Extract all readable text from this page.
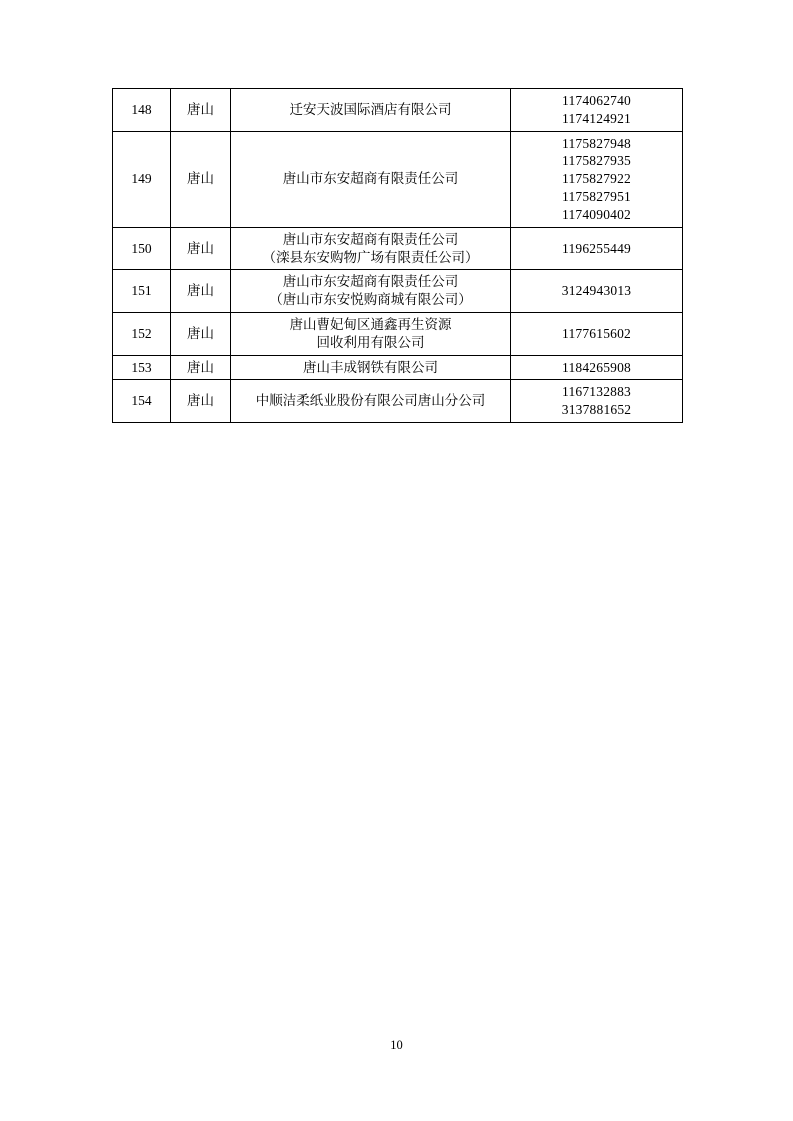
148	唐山	迁安天波国际酒店有限公司	1174062740
1174124921

149	唐山	唐山市东安超商有限责任公司	1175827948
1175827935
1175827922
1175827951
1174090402

150	唐山	唐山市东安超商有限责任公司
（滦县东安购物广场有限责任公司）	1196255449

151	唐山	唐山市东安超商有限责任公司
（唐山市东安悦购商城有限公司）	3124943013

152	唐山	唐山曹妃甸区通鑫再生资源
回收利用有限公司	1177615602

153	唐山	唐山丰成钢铁有限公司	1184265908

154	唐山	中顺洁柔纸业股份有限公司唐山分公司	1167132883
3137881652
10
